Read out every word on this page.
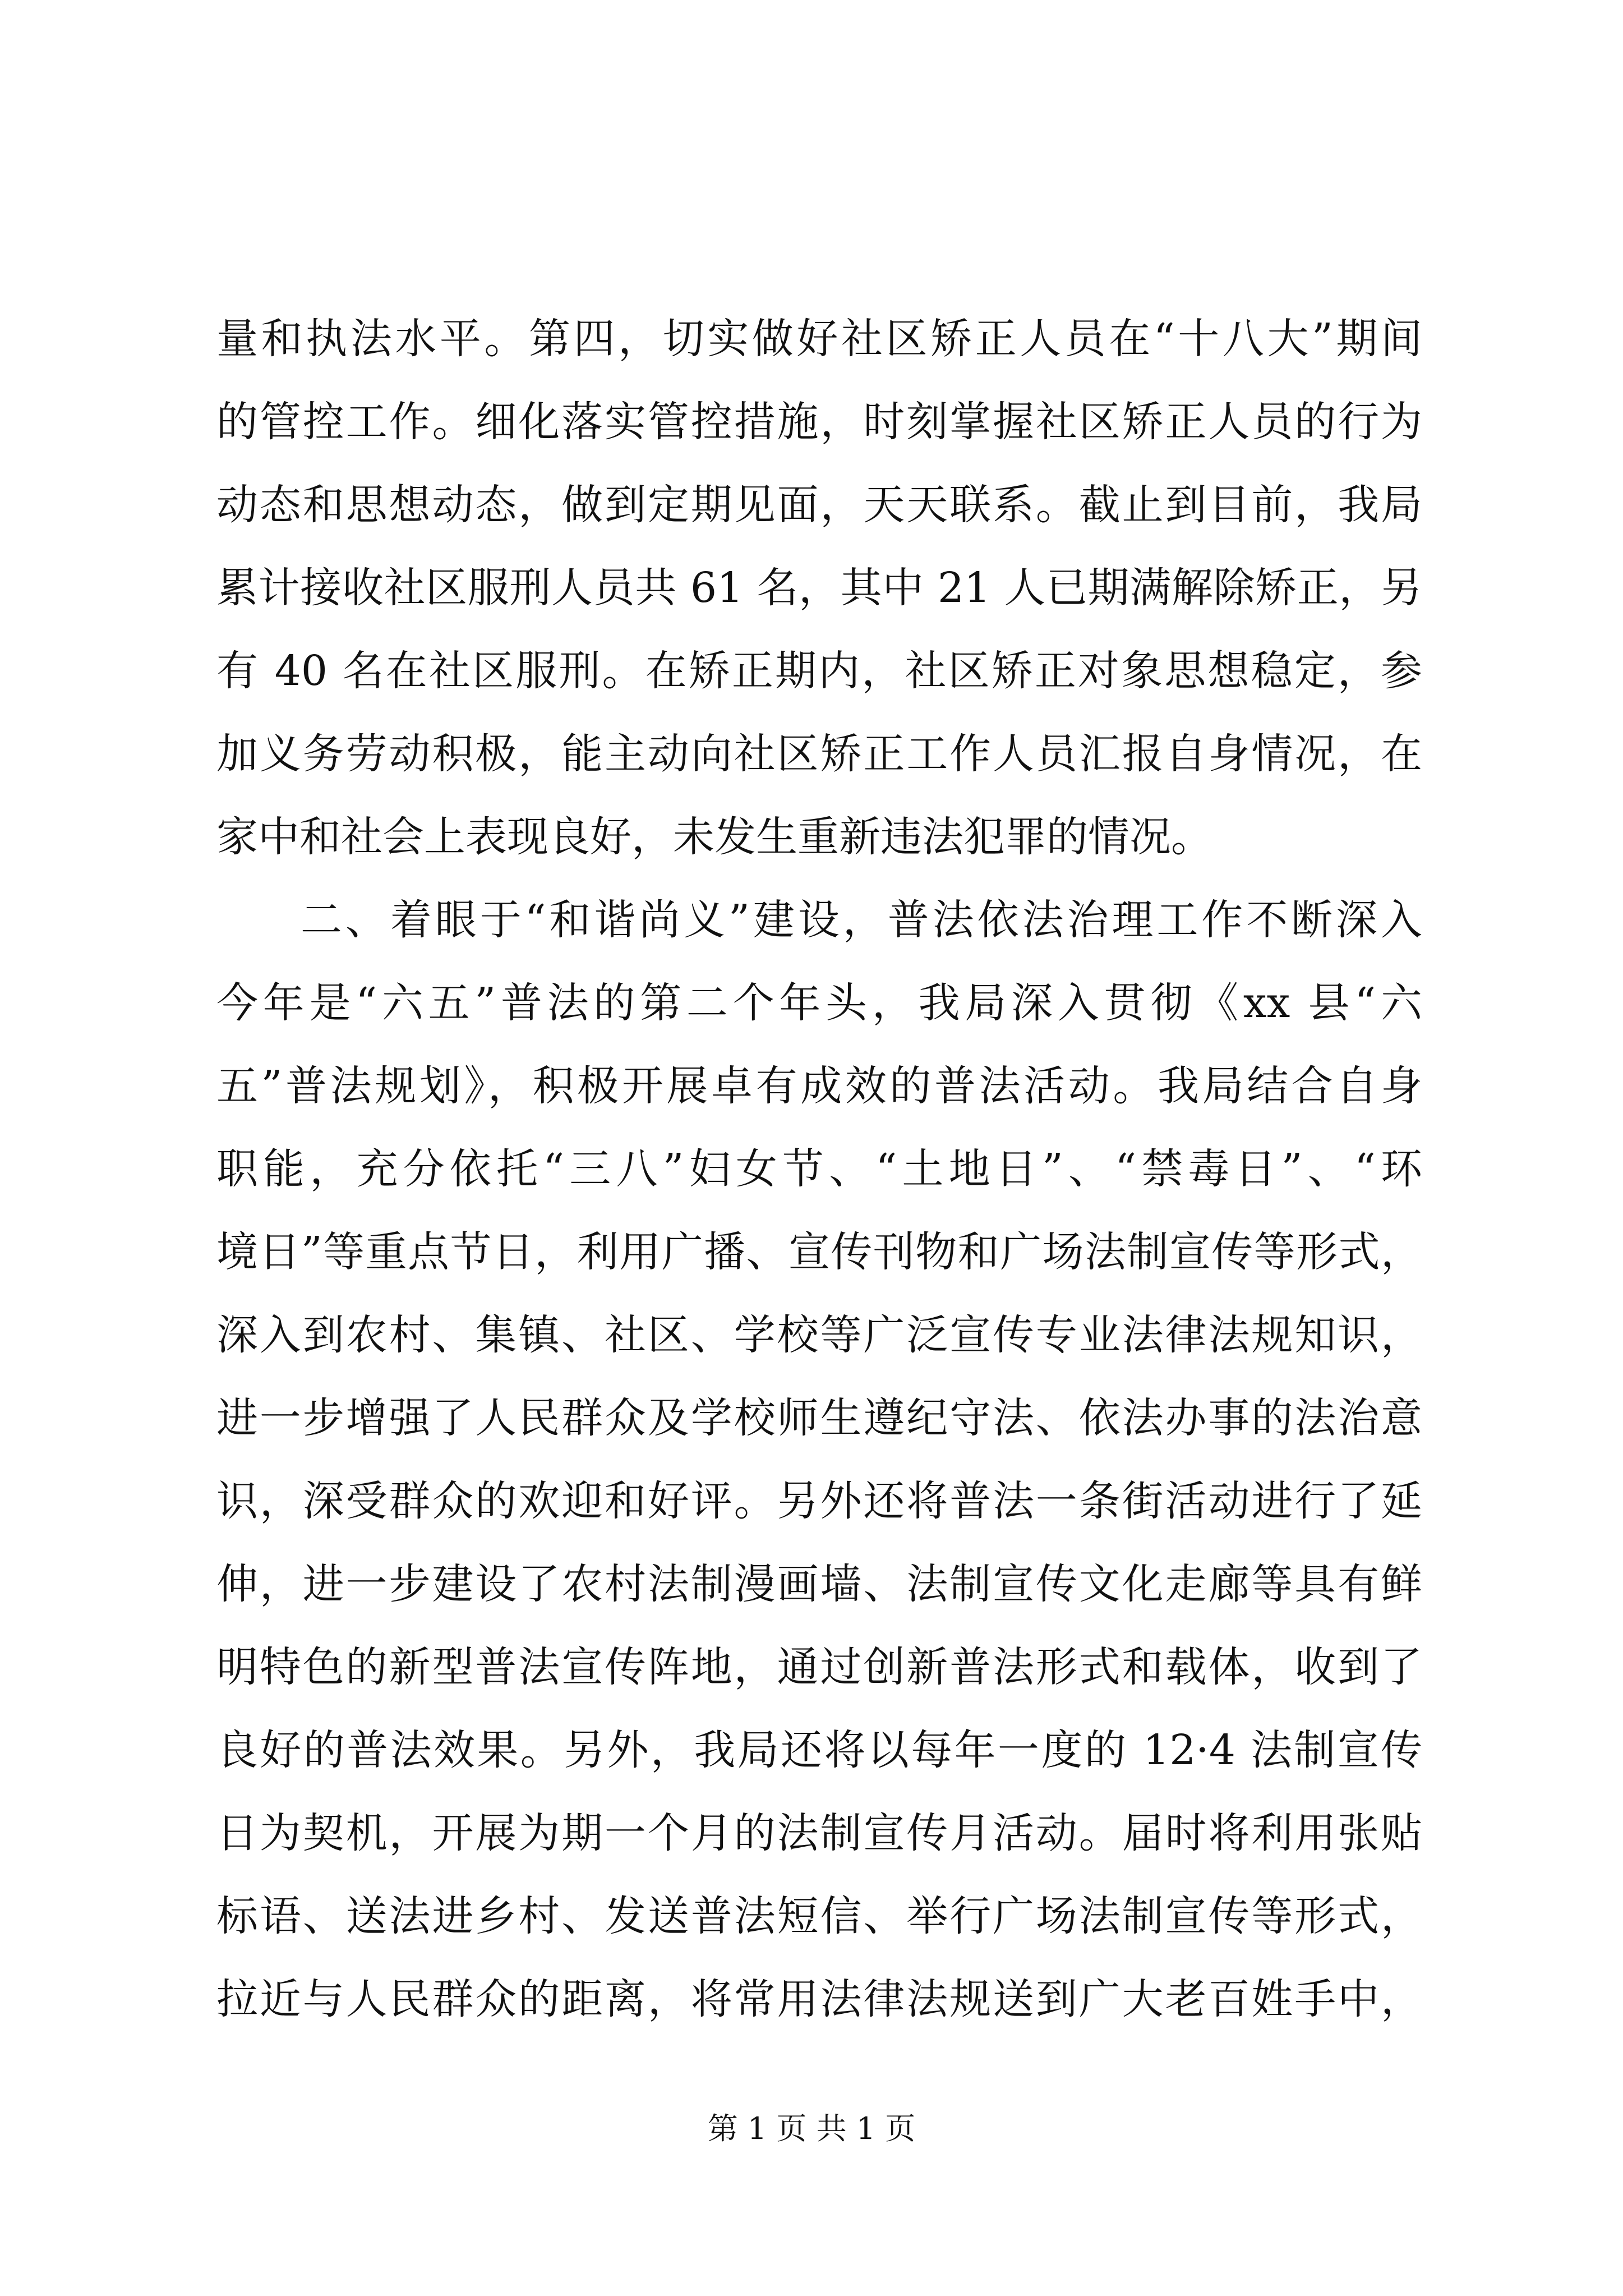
量和执法水平。第四，切实做好社区矫正人员在“十八大”期间
的管控工作。细化落实管控措施，时刻掌握社区矫正人员的行为
动态和思想动态，做到定期见面，天天联系。截止到目前，我局
累计接收社区服刑人员共 61 名，其中 21 人已期满解除矫正，另
有 40 名在社区服刑。在矫正期内，社区矫正对象思想稳定，参
加义务劳动积极，能主动向社区矫正工作人员汇报自身情况，在
家中和社会上表现良好，未发生重新违法犯罪的情况。
二、着眼于“和谐尚义”建设，普法依法治理工作不断深入
今年是“六五”普法的第二个年头，我局深入贯彻《xx 县“六
五”普法规划》，积极开展卓有成效的普法活动。我局结合自身
职能，充分依托“三八”妇女节、“土地日”、“禁毒日”、“环
境日”等重点节日，利用广播、宣传刊物和广场法制宣传等形式，
深入到农村、集镇、社区、学校等广泛宣传专业法律法规知识，
进一步增强了人民群众及学校师生遵纪守法、依法办事的法治意
识，深受群众的欢迎和好评。另外还将普法一条街活动进行了延
伸，进一步建设了农村法制漫画墙、法制宣传文化走廊等具有鲜
明特色的新型普法宣传阵地，通过创新普法形式和载体，收到了
良好的普法效果。另外，我局还将以每年一度的 12·4 法制宣传
日为契机，开展为期一个月的法制宣传月活动。届时将利用张贴
标语、送法进乡村、发送普法短信、举行广场法制宣传等形式，
拉近与人民群众的距离，将常用法律法规送到广大老百姓手中，
第 1 页 共 1 页
